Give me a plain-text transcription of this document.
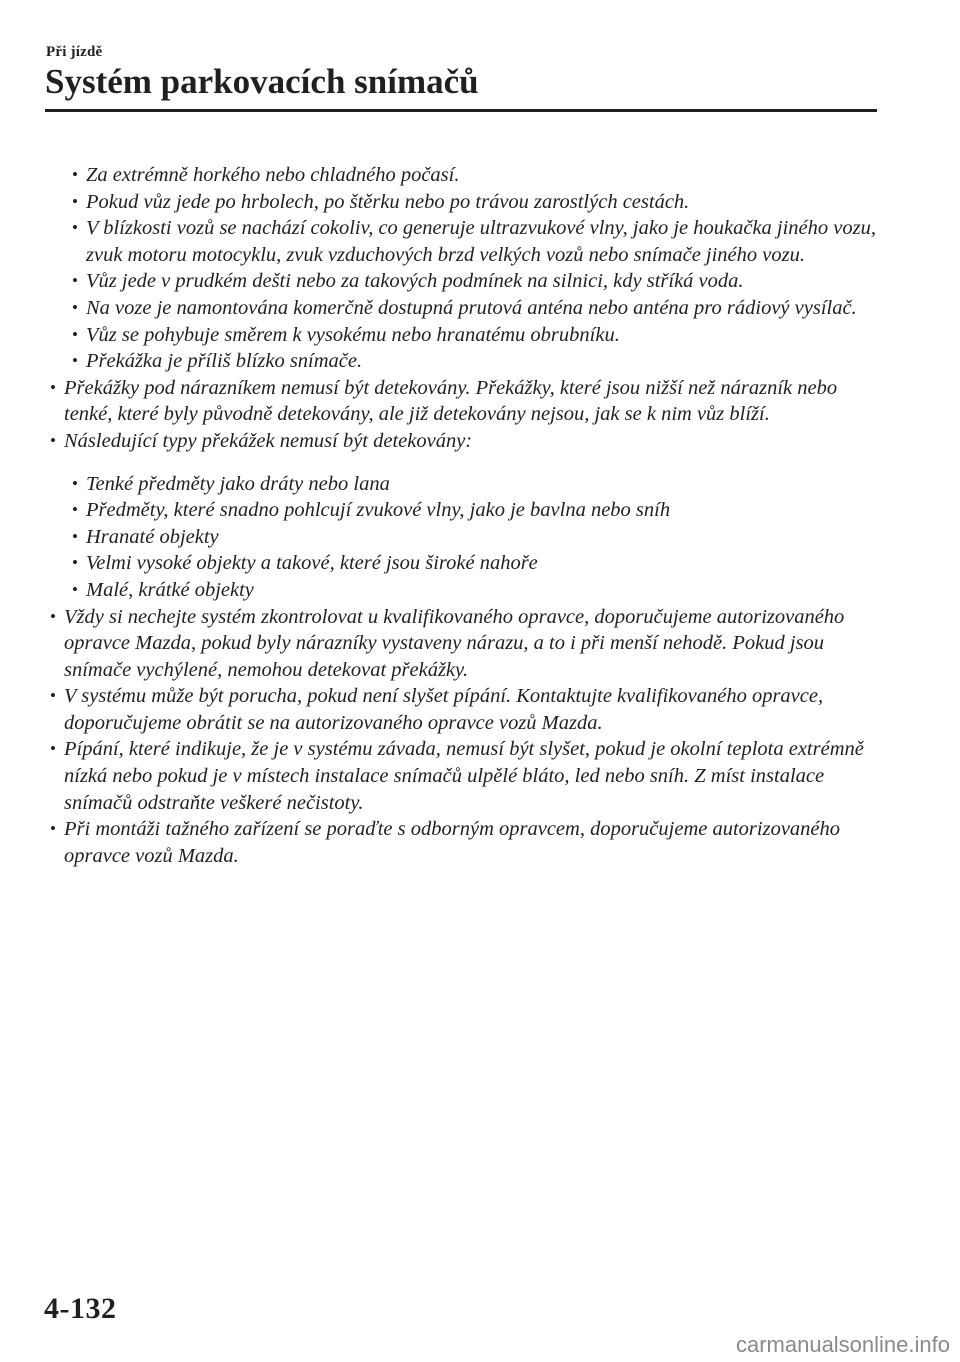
Při jízdě
Systém parkovacích snímačů
• Za extrémně horkého nebo chladného počasí.
• Pokud vůz jede po hrbolech, po štěrku nebo po trávou zarostlých cestách.
• V blízkosti vozů se nachází cokoliv, co generuje ultrazvukové vlny, jako je houkačka jiného vozu, zvuk motoru motocyklu, zvuk vzduchových brzd velkých vozů nebo snímače jiného vozu.
• Vůz jede v prudkém dešti nebo za takových podmínek na silnici, kdy stříká voda.
• Na voze je namontována komerčně dostupná prutová anténa nebo anténa pro rádiový vysílač.
• Vůz se pohybuje směrem k vysokému nebo hranatému obrubníku.
• Překážka je příliš blízko snímače.
• Překážky pod nárazníkem nemusí být detekovány. Překážky, které jsou nižší než nárazník nebo tenké, které byly původně detekovány, ale již detekovány nejsou, jak se k nim vůz blíží.
• Následující typy překážek nemusí být detekovány:
• Tenké předměty jako dráty nebo lana
• Předměty, které snadno pohlcují zvukové vlny, jako je bavlna nebo sníh
• Hranaté objekty
• Velmi vysoké objekty a takové, které jsou široké nahoře
• Malé, krátké objekty
• Vždy si nechejte systém zkontrolovat u kvalifikovaného opravce, doporučujeme autorizovaného opravce Mazda, pokud byly nárazníky vystaveny nárazu, a to i při menší nehodě. Pokud jsou snímače vychýlené, nemohou detekovat překážky.
• V systému může být porucha, pokud není slyšet pípání. Kontaktujte kvalifikovaného opravce, doporučujeme obrátit se na autorizovaného opravce vozů Mazda.
• Pípání, které indikuje, že je v systému závada, nemusí být slyšet, pokud je okolní teplota extrémně nízká nebo pokud je v místech instalace snímačů ulpělé bláto, led nebo sníh. Z míst instalace snímačů odstraňte veškeré nečistoty.
• Při montáži tažného zařízení se poraďte s odborným opravcem, doporučujeme autorizovaného opravce vozů Mazda.
4-132
carmanualsonline.info
